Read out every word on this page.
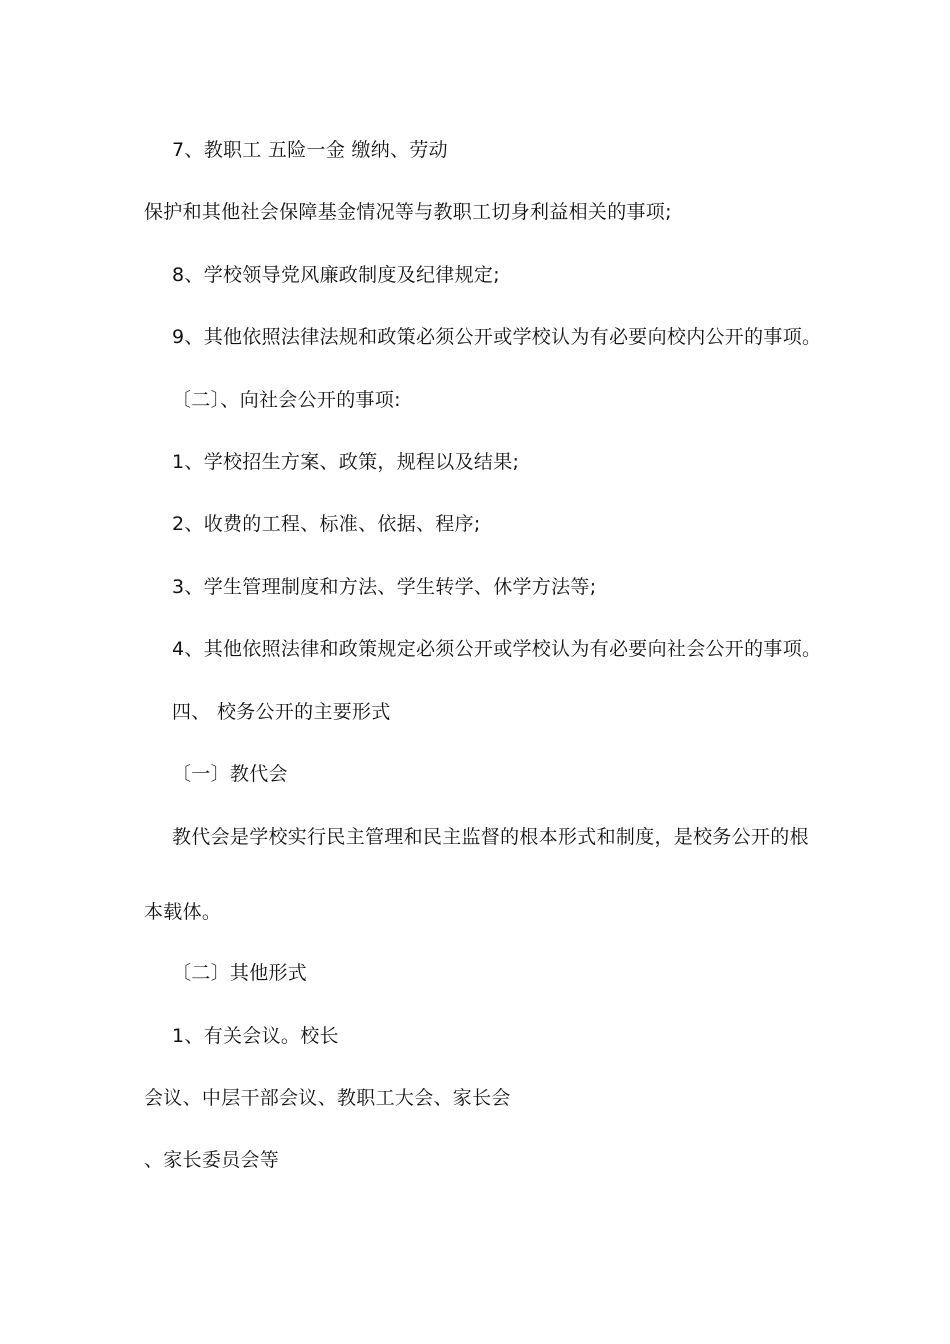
7、教职工 五险一金 缴纳、劳动
保护和其他社会保障基金情况等与教职工切身利益相关的事项;
8、学校领导党风廉政制度及纪律规定;
9、其他依照法律法规和政策必须公开或学校认为有必要向校内公开的事项。
〔二〕、向社会公开的事项:
1、学校招生方案、政策，规程以及结果;
2、收费的工程、标准、依据、程序;
3、学生管理制度和方法、学生转学、休学方法等;
4、其他依照法律和政策规定必须公开或学校认为有必要向社会公开的事项。
四、 校务公开的主要形式
〔一〕教代会
教代会是学校实行民主管理和民主监督的根本形式和制度，是校务公开的根
本载体。
〔二〕其他形式
1、有关会议。校长
会议、中层干部会议、教职工大会、家长会
、家长委员会等
